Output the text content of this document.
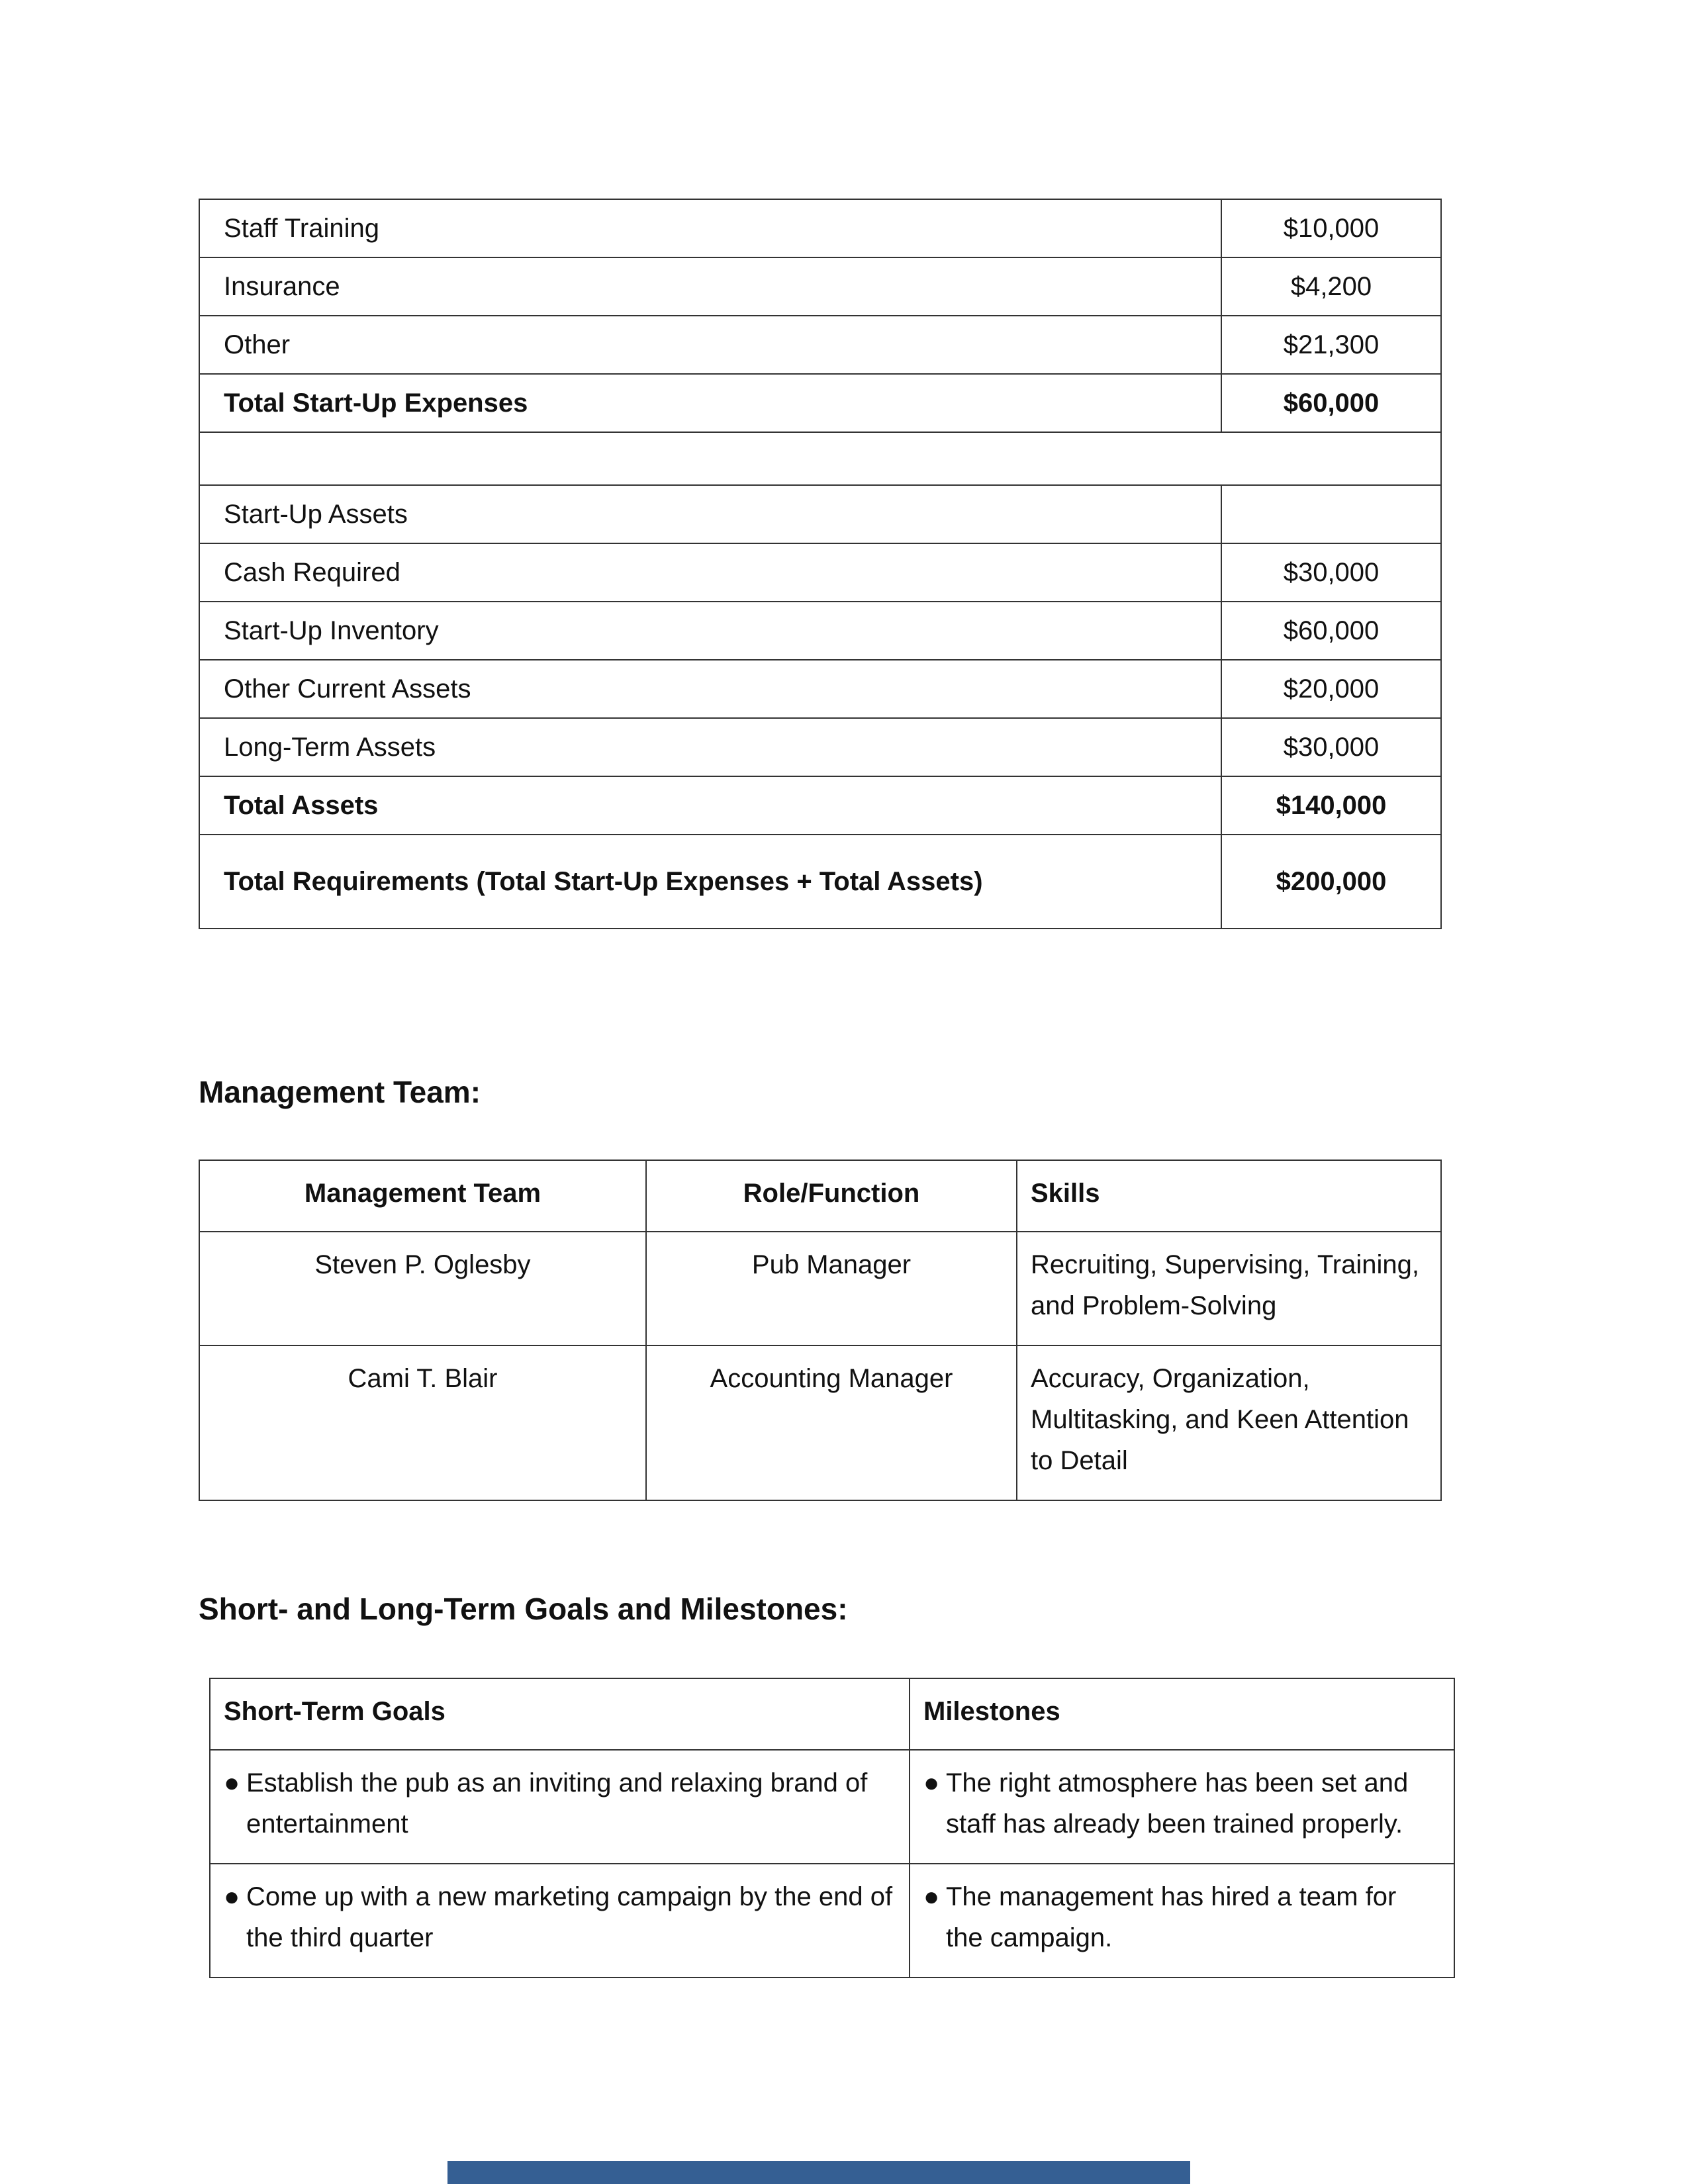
Staff Training	$10,000
Insurance	$4,200
Other	$21,300
Total Start-Up Expenses	$60,000

Start-Up Assets	
Cash Required	$30,000
Start-Up Inventory	$60,000
Other Current Assets	$20,000
Long-Term Assets	$30,000
Total Assets	$140,000
Total Requirements (Total Start-Up Expenses + Total Assets)	$200,000
Management Team:
Management Team	Role/Function	Skills
Steven P. Oglesby	Pub Manager	Recruiting, Supervising, Training, and Problem-Solving
Cami T. Blair	Accounting Manager	Accuracy, Organization, Multitasking, and Keen Attention to Detail
Short- and Long-Term Goals and Milestones:
Short-Term Goals	Milestones

● Establish the pub as an inviting and relaxing brand of entertainment	● The right atmosphere has been set and staff has already been trained properly.

● Come up with a new marketing campaign by the end of the third quarter	● The management has hired a team for the campaign.
